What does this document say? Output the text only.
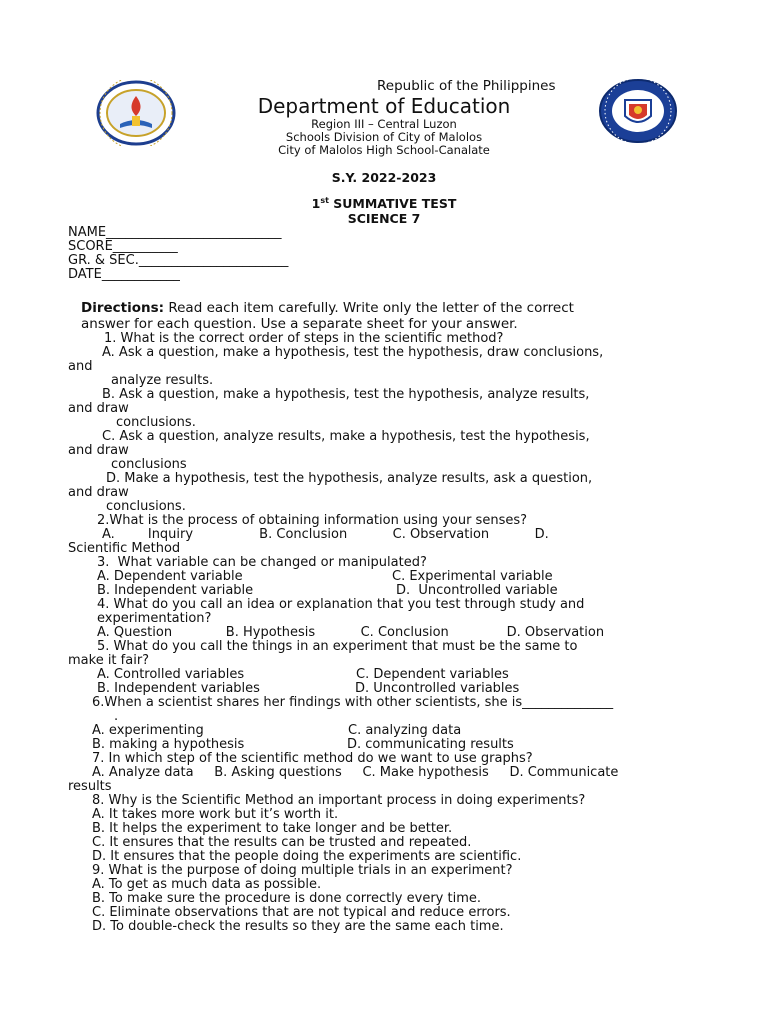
Republic of the Philippines
Department of Education
Region III – Central Luzon
Schools Division of City of Malolos
City of Malolos High School-Canalate
S.Y. 2022-2023
1st SUMMATIVE TEST
SCIENCE 7
NAME___________________________
SCORE__________
GR. & SEC._______________________
DATE____________
Directions: Read each item carefully. Write only the letter of the correct
answer for each question. Use a separate sheet for your answer.
1. What is the correct order of steps in the scientific method?
A. Ask a question, make a hypothesis, test the hypothesis, draw conclusions,
and
analyze results.
B. Ask a question, make a hypothesis, test the hypothesis, analyze results,
and draw
conclusions.
C. Ask a question, analyze results, make a hypothesis, test the hypothesis,
and draw
conclusions
D. Make a hypothesis, test the hypothesis, analyze results, ask a question,
and draw
conclusions.
2.What is the process of obtaining information using your senses?
A.        Inquiry                B. Conclusion           C. Observation           D.
Scientific Method
3.  What variable can be changed or manipulated?
A. Dependent variable	C. Experimental variable
B. Independent variable	D.  Uncontrolled variable
4. What do you call an idea or explanation that you test through study and
experimentation?
A. Question             B. Hypothesis           C. Conclusion              D. Observation
5. What do you call the things in an experiment that must be the same to
make it fair?
A. Controlled variables	C. Dependent variables
B. Independent variables	D. Uncontrolled variables
6.When a scientist shares her findings with other scientists, she is______________
.
A. experimenting	C. analyzing data
B. making a hypothesis	D. communicating results
7. In which step of the scientific method do we want to use graphs?
A. Analyze data     B. Asking questions     C. Make hypothesis     D. Communicate
results
8. Why is the Scientific Method an important process in doing experiments?
A. It takes more work but it’s worth it.
B. It helps the experiment to take longer and be better.
C. It ensures that the results can be trusted and repeated.
D. It ensures that the people doing the experiments are scientific.
9. What is the purpose of doing multiple trials in an experiment?
A. To get as much data as possible.
B. To make sure the procedure is done correctly every time.
C. Eliminate observations that are not typical and reduce errors.
D. To double-check the results so they are the same each time.
